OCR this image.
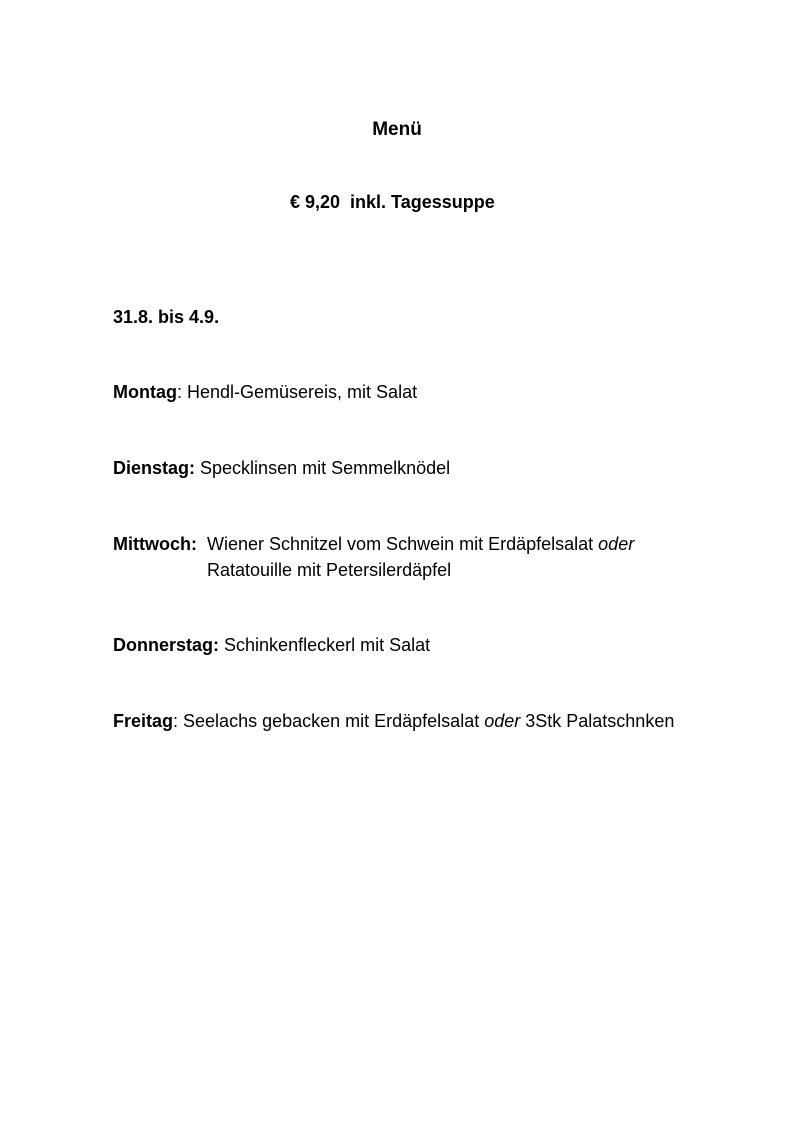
Menü
€ 9,20 inkl. Tagessuppe
31.8. bis 4.9.
Montag: Hendl-Gemüsereis, mit Salat
Dienstag: Specklinsen mit Semmelknödel
Mittwoch: Wiener Schnitzel vom Schwein mit Erdäpfelsalat oder
Ratatouille mit Petersilerdäpfel
Donnerstag: Schinkenfleckerl mit Salat
Freitag: Seelachs gebacken mit Erdäpfelsalat oder 3Stk Palatschnken
